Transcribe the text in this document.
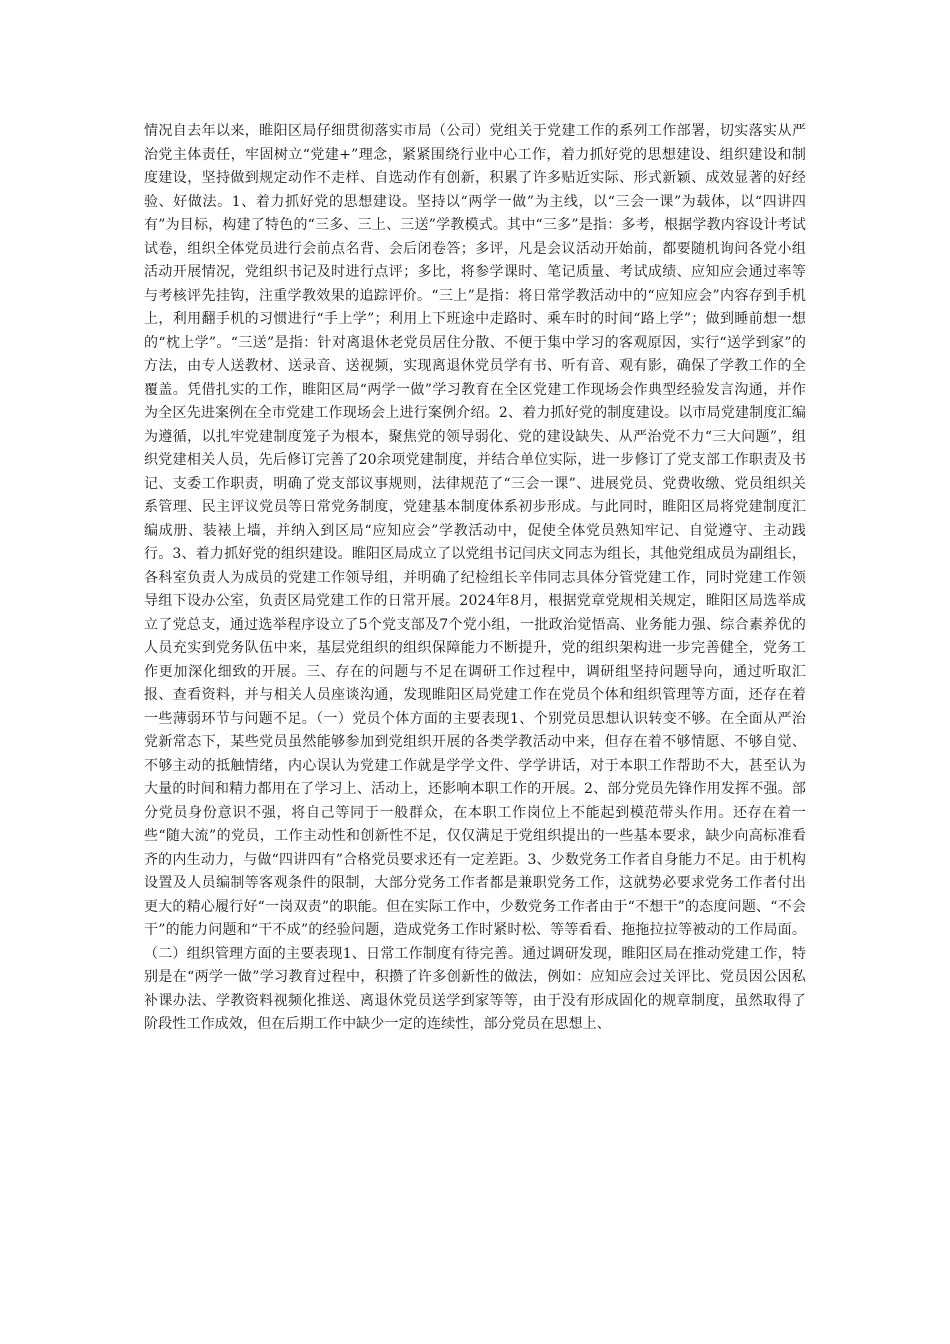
情况自去年以来，睢阳区局仔细贯彻落实市局（公司）党组关于党建工作的系列工作部署，切实落实从严治党主体责任，牢固树立“党建+”理念，紧紧围绕行业中心工作，着力抓好党的思想建设、组织建设和制度建设，坚持做到规定动作不走样、自选动作有创新，积累了许多贴近实际、形式新颖、成效显著的好经验、好做法。1、着力抓好党的思想建设。坚持以“两学一做”为主线，以“三会一课”为载体，以“四讲四有”为目标，构建了特色的“三多、三上、三送”学教模式。其中“三多”是指：多考，根据学教内容设计考试试卷，组织全体党员进行会前点名背、会后闭卷答；多评，凡是会议活动开始前，都要随机询问各党小组活动开展情况，党组织书记及时进行点评；多比，将参学课时、笔记质量、考试成绩、应知应会通过率等与考核评先挂钩，注重学教效果的追踪评价。“三上”是指：将日常学教活动中的“应知应会”内容存到手机上，利用翻手机的习惯进行“手上学”；利用上下班途中走路时、乘车时的时间“路上学”；做到睡前想一想的“枕上学”。“三送”是指：针对离退休老党员居住分散、不便于集中学习的客观原因，实行“送学到家”的方法，由专人送教材、送录音、送视频，实现离退休党员学有书、听有音、观有影，确保了学教工作的全覆盖。凭借扎实的工作，睢阳区局“两学一做”学习教育在全区党建工作现场会作典型经验发言沟通，并作为全区先进案例在全市党建工作现场会上进行案例介绍。2、着力抓好党的制度建设。以市局党建制度汇编为遵循，以扎牢党建制度笼子为根本，聚焦党的领导弱化、党的建设缺失、从严治党不力“三大问题”，组织党建相关人员，先后修订完善了20余项党建制度，并结合单位实际，进一步修订了党支部工作职责及书记、支委工作职责，明确了党支部议事规则，法律规范了“三会一课”、进展党员、党费收缴、党员组织关系管理、民主评议党员等日常党务制度，党建基本制度体系初步形成。与此同时，睢阳区局将党建制度汇编成册、装裱上墙，并纳入到区局“应知应会”学教活动中，促使全体党员熟知牢记、自觉遵守、主动践行。3、着力抓好党的组织建设。睢阳区局成立了以党组书记闫庆文同志为组长，其他党组成员为副组长，各科室负责人为成员的党建工作领导组，并明确了纪检组长辛伟同志具体分管党建工作，同时党建工作领导组下设办公室，负责区局党建工作的日常开展。2024年8月，根据党章党规相关规定，睢阳区局选举成立了党总支，通过选举程序设立了5个党支部及7个党小组，一批政治觉悟高、业务能力强、综合素养优的人员充实到党务队伍中来，基层党组织的组织保障能力不断提升，党的组织架构进一步完善健全，党务工作更加深化细致的开展。三、存在的问题与不足在调研工作过程中，调研组坚持问题导向，通过听取汇报、查看资料，并与相关人员座谈沟通，发现睢阳区局党建工作在党员个体和组织管理等方面，还存在着一些薄弱环节与问题不足。（一）党员个体方面的主要表现1、个别党员思想认识转变不够。在全面从严治党新常态下，某些党员虽然能够参加到党组织开展的各类学教活动中来，但存在着不够情愿、不够自觉、不够主动的抵触情绪，内心误认为党建工作就是学学文件、学学讲话，对于本职工作帮助不大，甚至认为大量的时间和精力都用在了学习上、活动上，还影响本职工作的开展。2、部分党员先锋作用发挥不强。部分党员身份意识不强，将自己等同于一般群众，在本职工作岗位上不能起到模范带头作用。还存在着一些“随大流”的党员，工作主动性和创新性不足，仅仅满足于党组织提出的一些基本要求，缺少向高标准看齐的内生动力，与做“四讲四有”合格党员要求还有一定差距。3、少数党务工作者自身能力不足。由于机构设置及人员编制等客观条件的限制，大部分党务工作者都是兼职党务工作，这就势必要求党务工作者付出更大的精心履行好“一岗双责”的职能。但在实际工作中，少数党务工作者由于“不想干”的态度问题、“不会干”的能力问题和“干不成”的经验问题，造成党务工作时紧时松、等等看看、拖拖拉拉等被动的工作局面。（二）组织管理方面的主要表现1、日常工作制度有待完善。通过调研发现，睢阳区局在推动党建工作，特别是在“两学一做”学习教育过程中，积攒了许多创新性的做法，例如：应知应会过关评比、党员因公因私补课办法、学教资料视频化推送、离退休党员送学到家等等，由于没有形成固化的规章制度，虽然取得了阶段性工作成效，但在后期工作中缺少一定的连续性，部分党员在思想上、
